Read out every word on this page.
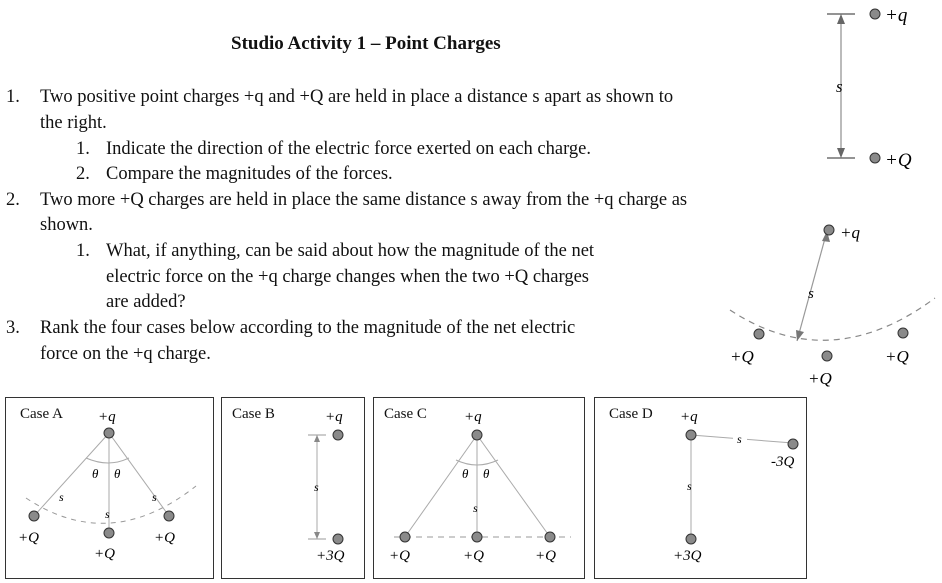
Studio Activity 1 – Point Charges
1. Two positive point charges +q and +Q are held in place a distance s apart as shown to
the right.
1. Indicate the direction of the electric force exerted on each charge.
2. Compare the magnitudes of the forces.
2. Two more +Q charges are held in place the same distance s away from the +q charge as
shown.
1. What, if anything, can be said about how the magnitude of the net
electric force on the +q charge changes when the two +Q charges
are added?
3. Rank the four cases below according to the magnitude of the net electric
force on the +q charge.
+q
+Q
s
+q
s
+Q
+Q
+Q
Case A +q
θ θ
s
s
s
+Q
+Q
+Q
Case B	+q
s
+3Q
Case C +q
θ θ
s
+Q	+Q	+Q
Case D +q
s
s
-3Q
+3Q
